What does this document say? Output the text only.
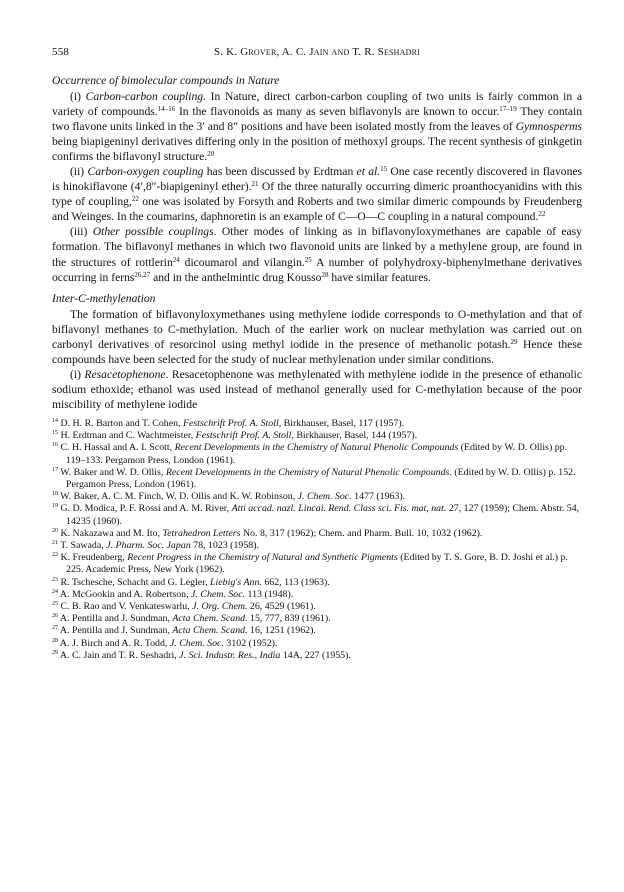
558	S. K. Grover, A. C. Jain and T. R. Seshadri
Occurrence of bimolecular compounds in Nature

(i) Carbon-carbon coupling. In Nature, direct carbon-carbon coupling of two units is fairly common in a variety of compounds.$^{14-16}$ In the flavonoids as many as seven biflavonyls are known to occur.$^{17-19}$ They contain two flavone units linked in the 3′ and 8″ positions and have been isolated mostly from the leaves of Gymnosperms being biapigeninyl derivatives differing only in the position of methoxyl groups. The recent synthesis of ginkgetin confirms the biflavonyl structure.$^{20}$

(ii) Carbon-oxygen coupling has been discussed by Erdtman et al.$^{15}$ One case recently discovered in flavones is hinokiflavone (4′,8″-biapigeninyl ether).$^{21}$ Of the three naturally occurring dimeric proanthocyanidins with this type of coupling,$^{22}$ one was isolated by Forsyth and Roberts and two similar dimeric compounds by Freudenberg and Weinges. In the coumarins, daphnoretin is an example of C—O—C coupling in a natural compound.$^{22}$

(iii) Other possible couplings. Other modes of linking as in biflavonyloxymethanes are capable of easy formation. The biflavonyl methanes in which two flavonoid units are linked by a methylene group, are found in the structures of rottlerin$^{24}$ dicoumarol and vilangin.$^{25}$ A number of polyhydroxy-biphenylmethane derivatives occurring in ferns$^{26,27}$ and in the anthelmintic drug Kousso$^{28}$ have similar features.

Inter-C-methylenation

The formation of biflavonyloxymethanes using methylene iodide corresponds to O-methylation and that of biflavonyl methanes to C-methylation. Much of the earlier work on nuclear methylation was carried out on carbonyl derivatives of resorcinol using methyl iodide in the presence of methanolic potash.$^{29}$ Hence these compounds have been selected for the study of nuclear methylenation under similar conditions.

(i) Resacetophenone. Resacetophenone was methylenated with methylene iodide in the presence of ethanolic sodium ethoxide; ethanol was used instead of methanol generally used for C-methylation because of the poor miscibility of methylene iodide

$^{14}$ D. H. R. Barton and T. Cohen, Festschrift Prof. A. Stoll, Birkhauser, Basel, 117 (1957).
$^{15}$ H. Erdtman and C. Wachtmeister, Festschrift Prof. A. Stoll, Birkhauser, Basel, 144 (1957).
$^{16}$ C. H. Hassal and A. I. Scott, Recent Developments in the Chemistry of Natural Phenolic Compounds (Edited by W. D. Ollis) pp. 119–133. Pergamon Press, London (1961).
$^{17}$ W. Baker and W. D. Ollis, Recent Developments in the Chemistry of Natural Phenolic Compounds. (Edited by W. D. Ollis) p. 152. Pergamon Press, London (1961).
$^{18}$ W. Baker, A. C. M. Finch, W. D. Ollis and K. W. Robinson, J. Chem. Soc. 1477 (1963).
$^{19}$ G. D. Modica, P. F. Rossi and A. M. River, Atti accad. nazl. Lincai. Rend. Class sci. Fis. mat, nat. 27, 127 (1959); Chem. Abstr. 54, 14235 (1960).
$^{20}$ K. Nakazawa and M. Ito, Tetrahedron Letters No. 8, 317 (1962); Chem. and Pharm. Bull. 10, 1032 (1962).
$^{21}$ T. Sawada, J. Pharm. Soc. Japan 78, 1023 (1958).
$^{22}$ K. Freudenberg, Recent Progress in the Chemistry of Natural and Synthetic Pigments (Edited by T. S. Gore, B. D. Joshi et al.) p. 225. Academic Press, New York (1962).
$^{23}$ R. Tschesche, Schacht and G. Legler, Liebig's Ann. 662, 113 (1963).
$^{24}$ A. McGookin and A. Robertson, J. Chem. Soc. 113 (1948).
$^{25}$ C. B. Rao and V. Venkateswarlu, J. Org. Chem. 26, 4529 (1961).
$^{26}$ A. Pentilla and J. Sundman, Acta Chem. Scand. 15, 777, 839 (1961).
$^{27}$ A. Pentilla and J. Sundman, Acta Chem. Scand. 16, 1251 (1962).
$^{28}$ A. J. Birch and A. R. Todd, J. Chem. Soc. 3102 (1952).
$^{29}$ A. C. Jain and T. R. Seshadri, J. Sci. Industr. Res., India 14A, 227 (1955).
